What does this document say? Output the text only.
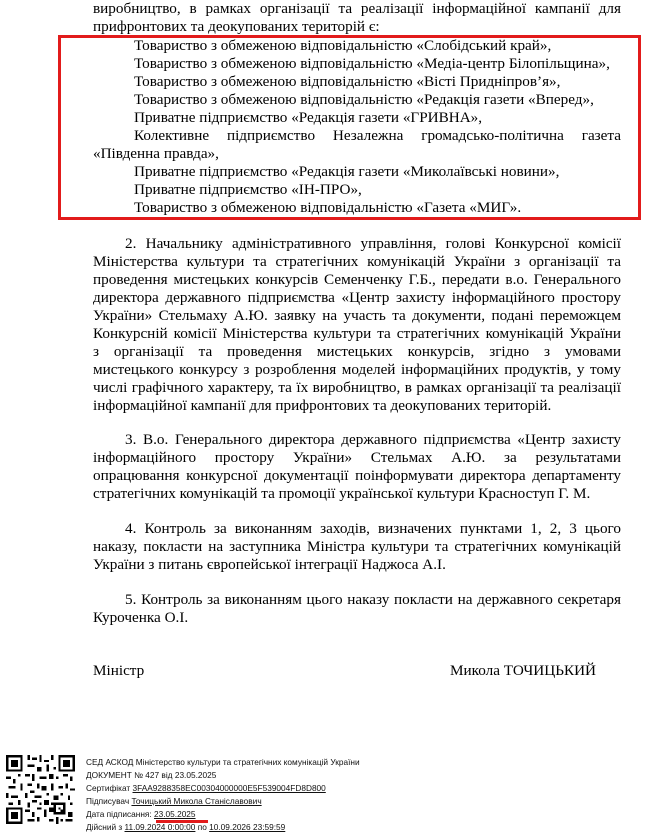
виробництво, в рамках організації та реалізації інформаційної кампанії для
прифронтових та деокупованих територій є:
Товариство з обмеженою відповідальністю «Слобідський край»,
Товариство з обмеженою відповідальністю «Медіа-центр Білопільщина»,
Товариство з обмеженою відповідальністю «Вісті Придніпров’я»,
Товариство з обмеженою відповідальністю «Редакція газети «Вперед»,
Приватне підприємство «Редакція газети «ГРИВНА»,
Колективне підприємство Незалежна громадсько-політична газета
«Південна правда»,
Приватне підприємство «Редакція газети «Миколаївські новини»,
Приватне підприємство «ІН-ПРО»,
Товариство з обмеженою відповідальністю «Газета «МИГ».
2. Начальнику адміністративного управління, голові Конкурсної комісії
Міністерства культури та стратегічних комунікацій України з організації та
проведення мистецьких конкурсів Семенченку Г.Б., передати в.о. Генерального
директора державного підприємства «Центр захисту інформаційного простору
України» Стельмаху А.Ю. заявку на участь та документи, подані переможцем
Конкурсній комісії Міністерства культури та стратегічних комунікацій України
з організації та проведення мистецьких конкурсів, згідно з умовами
мистецького конкурсу з розроблення моделей інформаційних продуктів, у тому
числі графічного характеру, та їх виробництво, в рамках організації та реалізації
інформаційної кампанії для прифронтових та деокупованих територій.
3. В.о. Генерального директора державного підприємства «Центр захисту
інформаційного простору України» Стельмах А.Ю. за результатами
опрацювання конкурсної документації поінформувати директора департаменту
стратегічних комунікацій та промоції української культури Красноступ Г. М.
4. Контроль за виконанням заходів, визначених пунктами 1, 2, 3 цього
наказу, покласти на заступника Міністра культури та стратегічних комунікацій
України з питань європейської інтеграції Наджоса А.І.
5. Контроль за виконанням цього наказу покласти на державного секретаря
Куроченка О.І.
Міністр	Микола ТОЧИЦЬКИЙ
СЕД АСКОД Міністерство культури та стратегічних комунікацій України
ДОКУМЕНТ № 427 від 23.05.2025
Сертифікат 3FAA9288358EC00304000000E5F539004FD8D800
Підписувач Точицький Микола Станіславович
Дата підписання: 23.05.2025
Дійсний з 11.09.2024 0:00:00 по 10.09.2026 23:59:59
